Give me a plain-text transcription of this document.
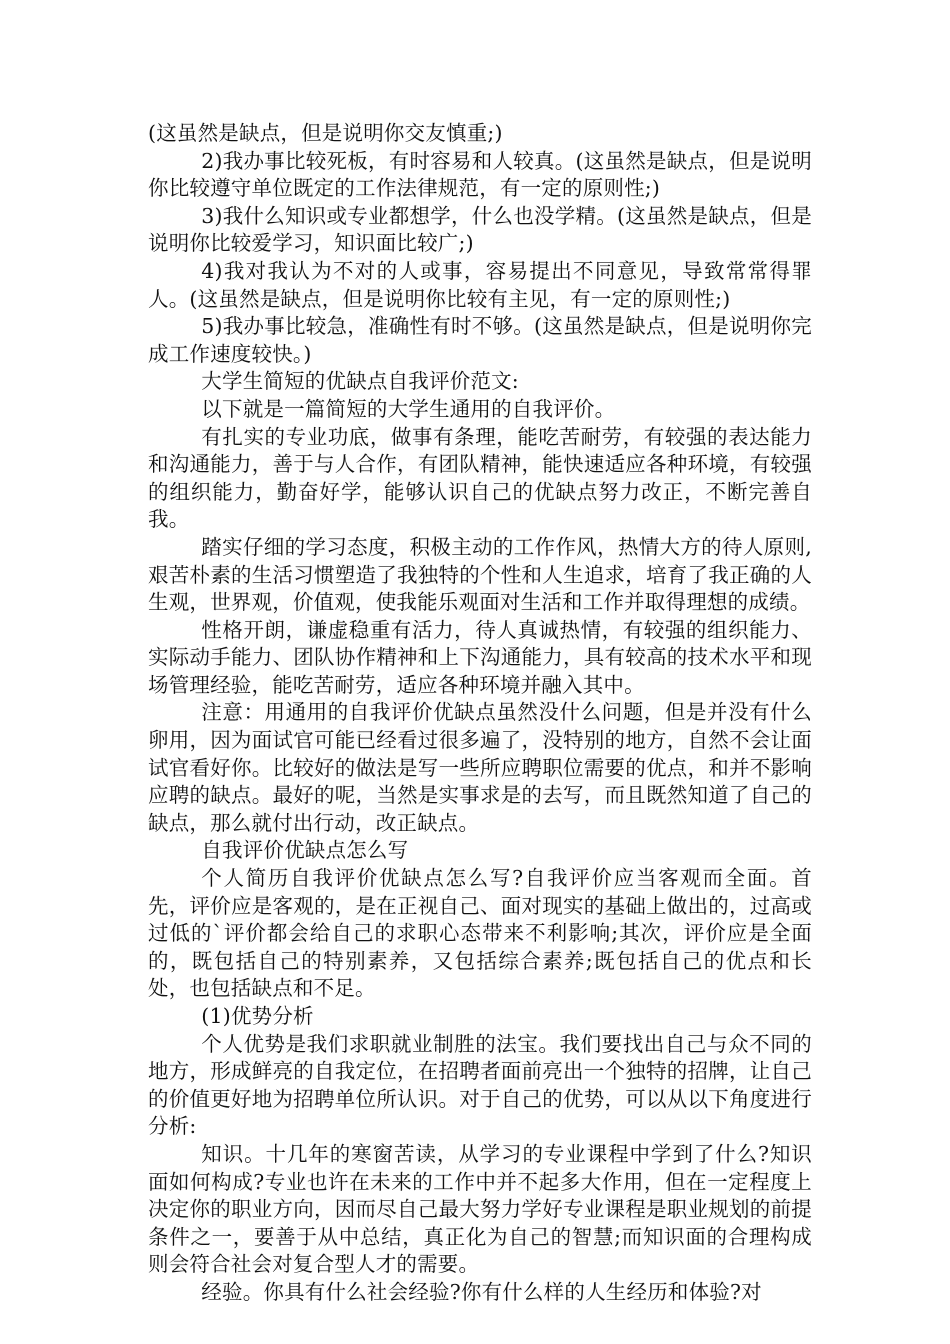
(这虽然是缺点，但是说明你交友慎重;)

2)我办事比较死板，有时容易和人较真。(这虽然是缺点，但是说明你比较遵守单位既定的工作法律规范，有一定的原则性;)

3)我什么知识或专业都想学，什么也没学精。(这虽然是缺点，但是说明你比较爱学习，知识面比较广;)

4)我对我认为不对的人或事，容易提出不同意见，导致常常得罪人。(这虽然是缺点，但是说明你比较有主见，有一定的原则性;)

5)我办事比较急，准确性有时不够。(这虽然是缺点，但是说明你完成工作速度较快。)

大学生简短的优缺点自我评价范文:

以下就是一篇简短的大学生通用的自我评价。

有扎实的专业功底，做事有条理，能吃苦耐劳，有较强的表达能力和沟通能力，善于与人合作，有团队精神，能快速适应各种环境，有较强的组织能力，勤奋好学，能够认识自己的优缺点努力改正，不断完善自我。

踏实仔细的学习态度，积极主动的工作作风，热情大方的待人原则,艰苦朴素的生活习惯塑造了我独特的个性和人生追求，培育了我正确的人生观，世界观，价值观，使我能乐观面对生活和工作并取得理想的成绩。

性格开朗，谦虚稳重有活力，待人真诚热情，有较强的组织能力、实际动手能力、团队协作精神和上下沟通能力，具有较高的技术水平和现场管理经验，能吃苦耐劳，适应各种环境并融入其中。

注意：用通用的自我评价优缺点虽然没什么问题，但是并没有什么卵用，因为面试官可能已经看过很多遍了，没特别的地方，自然不会让面试官看好你。比较好的做法是写一些所应聘职位需要的优点，和并不影响应聘的缺点。最好的呢，当然是实事求是的去写，而且既然知道了自己的缺点，那么就付出行动，改正缺点。

自我评价优缺点怎么写

个人简历自我评价优缺点怎么写?自我评价应当客观而全面。首先，评价应是客观的，是在正视自己、面对现实的基础上做出的，过高或过低的`评价都会给自己的求职心态带来不利影响;其次，评价应是全面的，既包括自己的特别素养，又包括综合素养;既包括自己的优点和长处，也包括缺点和不足。

(1)优势分析

个人优势是我们求职就业制胜的法宝。我们要找出自己与众不同的地方，形成鲜亮的自我定位，在招聘者面前亮出一个独特的招牌，让自己的价值更好地为招聘单位所认识。对于自己的优势，可以从以下角度进行分析:

知识。十几年的寒窗苦读，从学习的专业课程中学到了什么?知识面如何构成?专业也许在未来的工作中并不起多大作用，但在一定程度上决定你的职业方向，因而尽自己最大努力学好专业课程是职业规划的前提条件之一，要善于从中总结，真正化为自己的智慧;而知识面的合理构成则会符合社会对复合型人才的需要。

经验。你具有什么社会经验?你有什么样的人生经历和体验?对
